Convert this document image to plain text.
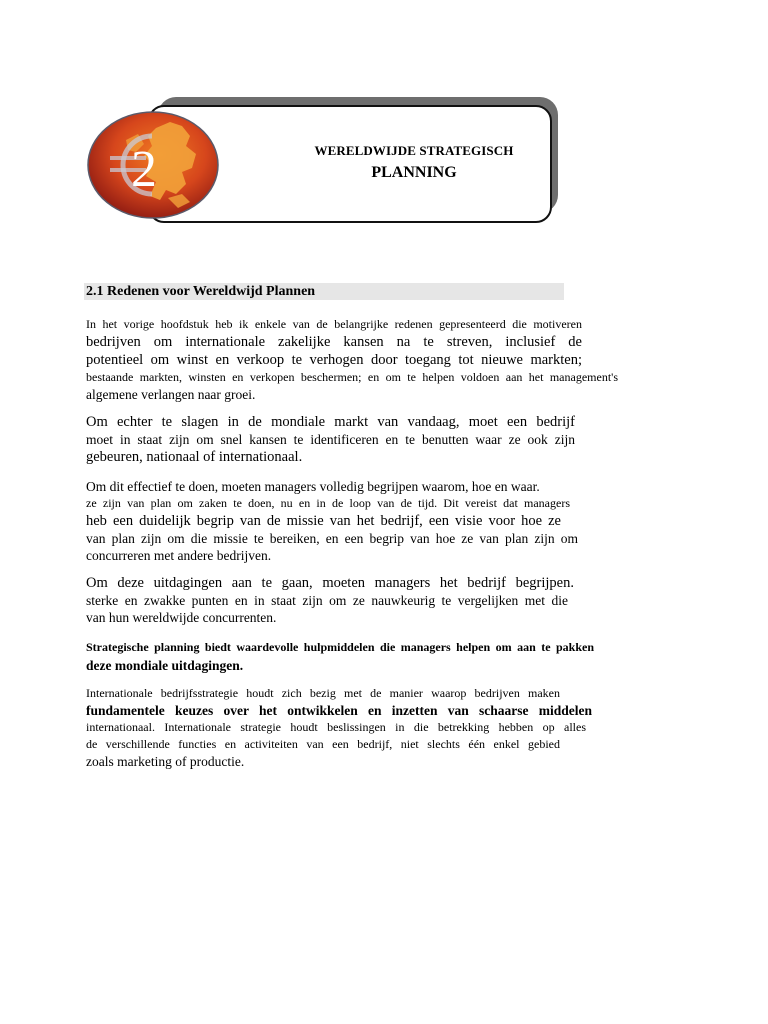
WERELDWIJDE STRATEGISCH
PLANNING
2
2.1 Redenen voor Wereldwijd Plannen
In het vorige hoofdstuk heb ik enkele van de belangrijke redenen gepresenteerd die motiveren
bedrijven om internationale zakelijke kansen na te streven, inclusief de
potentieel om winst en verkoop te verhogen door toegang tot nieuwe markten;
bestaande markten, winsten en verkopen beschermen; en om te helpen voldoen aan het management's
algemene verlangen naar groei.
Om echter te slagen in de mondiale markt van vandaag, moet een bedrijf
moet in staat zijn om snel kansen te identificeren en te benutten waar ze ook zijn
gebeuren, nationaal of internationaal.
Om dit effectief te doen, moeten managers volledig begrijpen waarom, hoe en waar.
ze zijn van plan om zaken te doen, nu en in de loop van de tijd. Dit vereist dat managers
heb een duidelijk begrip van de missie van het bedrijf, een visie voor hoe ze
van plan zijn om die missie te bereiken, en een begrip van hoe ze van plan zijn om
concurreren met andere bedrijven.
Om deze uitdagingen aan te gaan, moeten managers het bedrijf begrijpen.
sterke en zwakke punten en in staat zijn om ze nauwkeurig te vergelijken met die
van hun wereldwijde concurrenten.
Strategische planning biedt waardevolle hulpmiddelen die managers helpen om aan te pakken
deze mondiale uitdagingen.
Internationale bedrijfsstrategie houdt zich bezig met de manier waarop bedrijven maken
fundamentele keuzes over het ontwikkelen en inzetten van schaarse middelen
internationaal. Internationale strategie houdt beslissingen in die betrekking hebben op alles
de verschillende functies en activiteiten van een bedrijf, niet slechts één enkel gebied
zoals marketing of productie.
